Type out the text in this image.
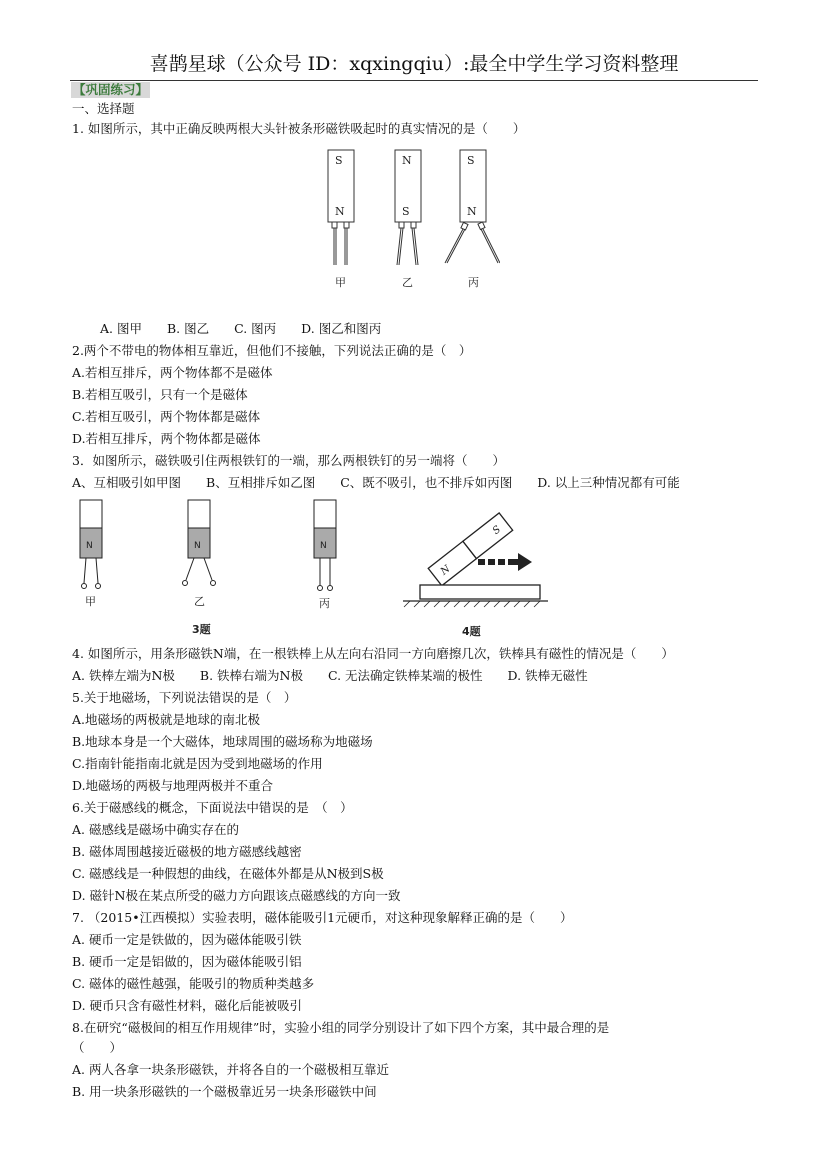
喜鹊星球（公众号 ID：xqxingqiu）:最全中学生学习资料整理
【巩固练习】
一、选择题
1. 如图所示，其中正确反映两根大头针被条形磁铁吸起时的真实情况的是（　　）
S
N
甲
N
S
乙
S
N
丙
A. 图甲　　B. 图乙　　C. 图丙　　D. 图乙和图丙
2.两个不带电的物体相互靠近，但他们不接触，下列说法正确的是（　）
A.若相互排斥，两个物体都不是磁体
B.若相互吸引，只有一个是磁体
C.若相互吸引，两个物体都是磁体
D.若相互排斥，两个物体都是磁体
3．如图所示，磁铁吸引住两根铁钉的一端，那么两根铁钉的另一端将（　　）
A、互相吸引如甲图　　B、互相排斥如乙图　　C、既不吸引，也不排斥如丙图　　D. 以上三种情况都有可能
N
甲
N
乙
N
丙
3题
N
S
4题
4. 如图所示，用条形磁铁N端，在一根铁棒上从左向右沿同一方向磨擦几次，铁棒具有磁性的情况是（　　）
A. 铁棒左端为N极　　B. 铁棒右端为N极　　C. 无法确定铁棒某端的极性　　D. 铁棒无磁性
5.关于地磁场，下列说法错误的是（　）
A.地磁场的两极就是地球的南北极
B.地球本身是一个大磁体，地球周围的磁场称为地磁场
C.指南针能指南北就是因为受到地磁场的作用
D.地磁场的两极与地理两极并不重合
6.关于磁感线的概念，下面说法中错误的是　（　）
A. 磁感线是磁场中确实存在的
B. 磁体周围越接近磁极的地方磁感线越密
C. 磁感线是一种假想的曲线，在磁体外都是从N极到S极
D. 磁针N极在某点所受的磁力方向跟该点磁感线的方向一致
7. （2015•江西模拟）实验表明，磁体能吸引1元硬币，对这种现象解释正确的是（　　）
A. 硬币一定是铁做的，因为磁体能吸引铁
B. 硬币一定是铝做的，因为磁体能吸引铝
C. 磁体的磁性越强，能吸引的物质种类越多
D. 硬币只含有磁性材料，磁化后能被吸引
8.在研究“磁极间的相互作用规律”时，实验小组的同学分别设计了如下四个方案，其中最合理的是
（　　）
A. 两人各拿一块条形磁铁，并将各自的一个磁极相互靠近
B. 用一块条形磁铁的一个磁极靠近另一块条形磁铁中间
